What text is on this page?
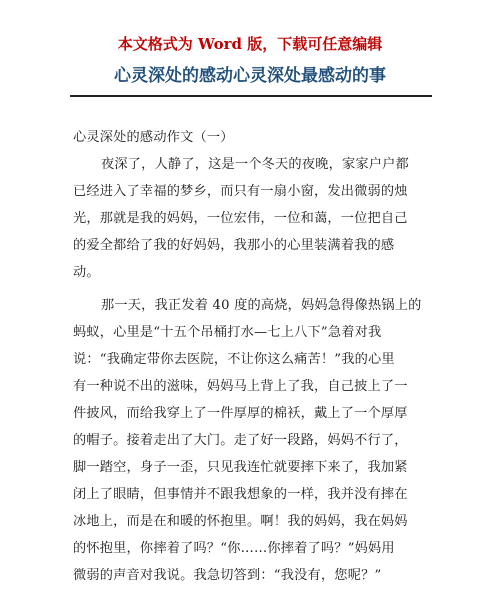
本文格式为 Word 版，下载可任意编辑
心灵深处的感动心灵深处最感动的事
心灵深处的感动作文（一）
夜深了，人静了，这是一个冬天的夜晚，家家户户都
已经进入了幸福的梦乡，而只有一扇小窗，发出微弱的烛
光，那就是我的妈妈，一位宏伟，一位和蔼，一位把自己
的爱全都给了我的好妈妈，我那小的心里装满着我的感
动。
那一天，我正发着 40 度的高烧，妈妈急得像热锅上的
蚂蚁，心里是“十五个吊桶打水—七上八下”急着对我
说：“我确定带你去医院，不让你这么痛苦！”我的心里
有一种说不出的滋味，妈妈马上背上了我，自己披上了一
件披风，而给我穿上了一件厚厚的棉袄，戴上了一个厚厚
的帽子。接着走出了大门。走了好一段路，妈妈不行了，
脚一踏空，身子一歪，只见我连忙就要摔下来了，我加紧
闭上了眼睛，但事情并不跟我想象的一样，我并没有摔在
冰地上，而是在和暖的怀抱里。啊！我的妈妈，我在妈妈
的怀抱里，你摔着了吗？“你……你摔着了吗？”妈妈用
微弱的声音对我说。我急切答到：“我没有，您呢？”
